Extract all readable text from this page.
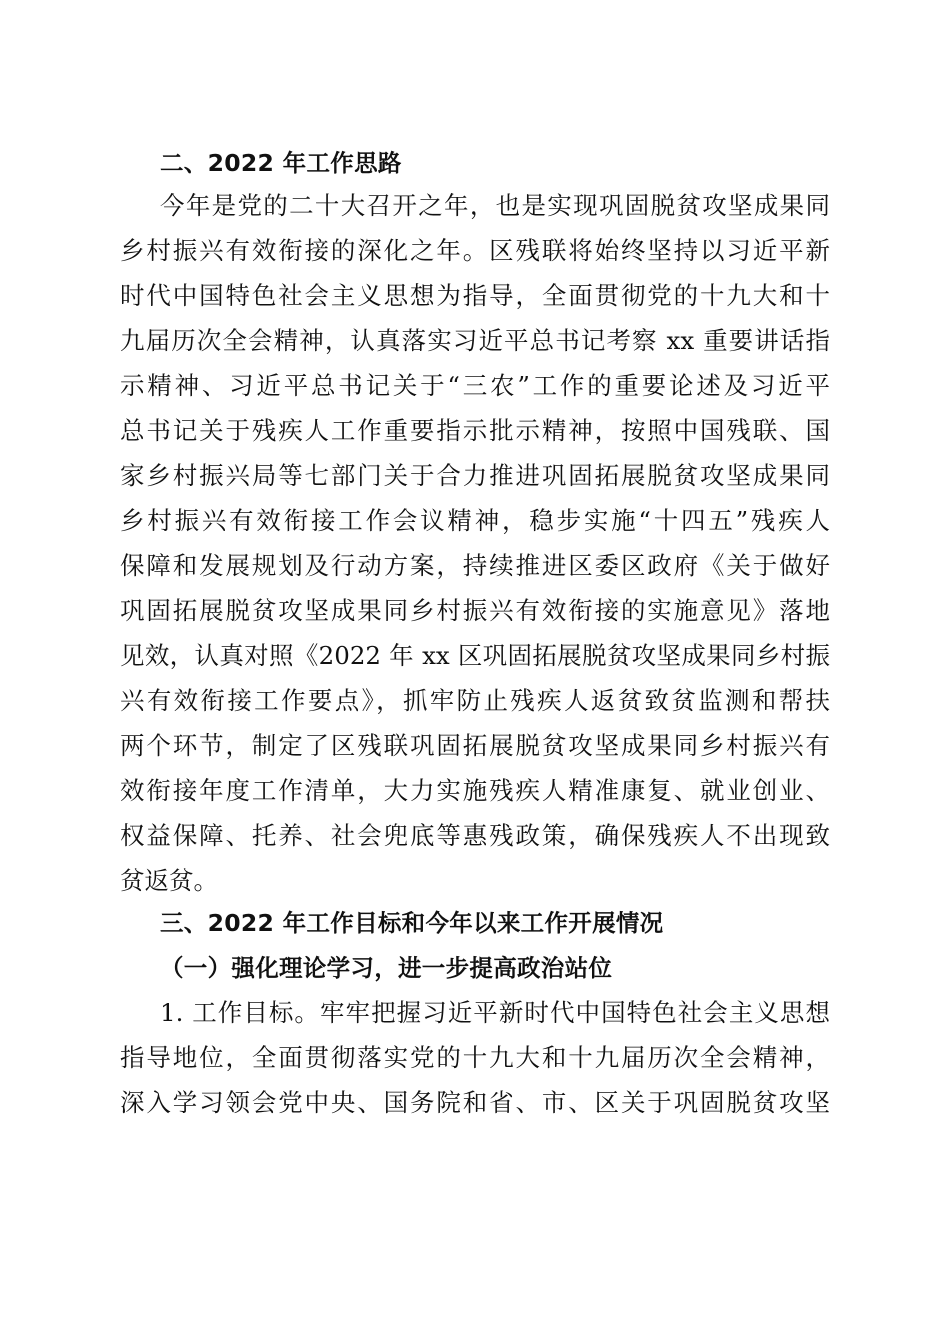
二、2022 年工作思路
今年是党的二十大召开之年，也是实现巩固脱贫攻坚成果同
乡村振兴有效衔接的深化之年。区残联将始终坚持以习近平新
时代中国特色社会主义思想为指导，全面贯彻党的十九大和十
九届历次全会精神，认真落实习近平总书记考察 xx 重要讲话指
示精神、习近平总书记关于“三农”工作的重要论述及习近平
总书记关于残疾人工作重要指示批示精神，按照中国残联、国
家乡村振兴局等七部门关于合力推进巩固拓展脱贫攻坚成果同
乡村振兴有效衔接工作会议精神，稳步实施“十四五”残疾人
保障和发展规划及行动方案，持续推进区委区政府《关于做好
巩固拓展脱贫攻坚成果同乡村振兴有效衔接的实施意见》落地
见效，认真对照《2022 年 xx 区巩固拓展脱贫攻坚成果同乡村振
兴有效衔接工作要点》，抓牢防止残疾人返贫致贫监测和帮扶
两个环节，制定了区残联巩固拓展脱贫攻坚成果同乡村振兴有
效衔接年度工作清单，大力实施残疾人精准康复、就业创业、
权益保障、托养、社会兜底等惠残政策，确保残疾人不出现致
贫返贫。
三、2022 年工作目标和今年以来工作开展情况
（一）强化理论学习，进一步提高政治站位
1. 工作目标。牢牢把握习近平新时代中国特色社会主义思想
指导地位，全面贯彻落实党的十九大和十九届历次全会精神，
深入学习领会党中央、国务院和省、市、区关于巩固脱贫攻坚
